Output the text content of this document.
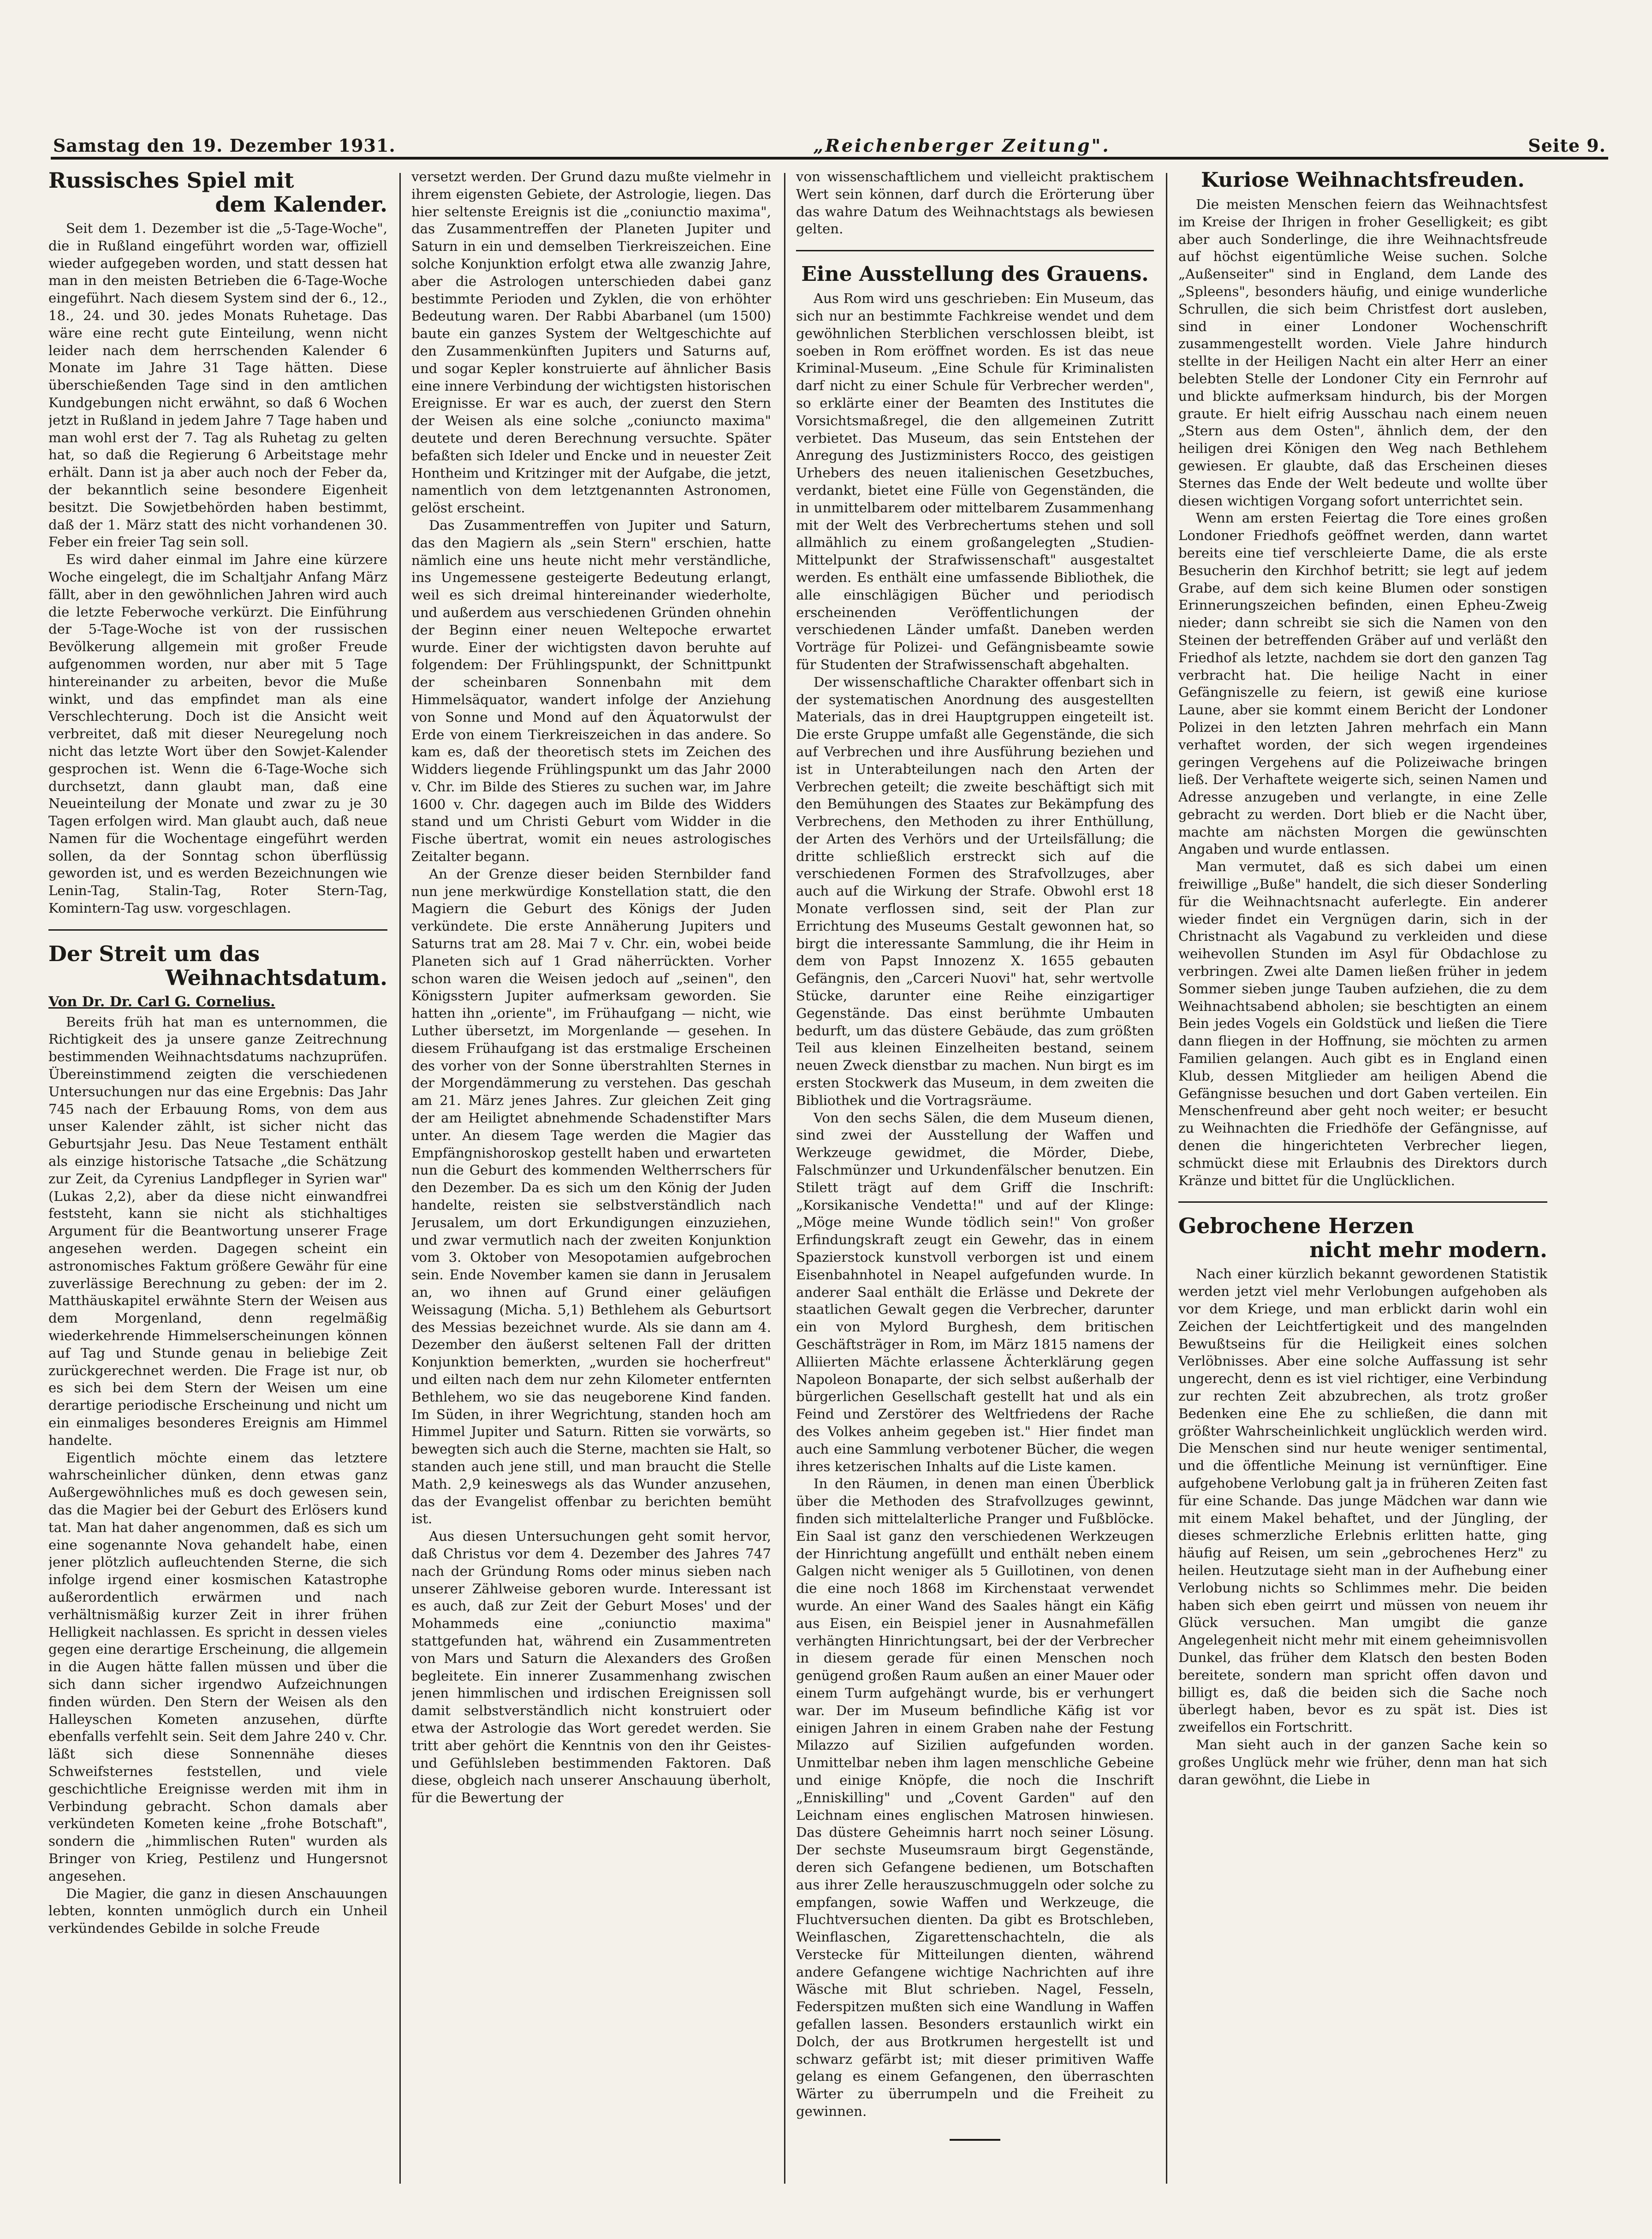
Samstag den 19. Dezember 1931.	„Reichenberger Zeitung".	Seite 9.
Russisches Spiel mit
dem Kalender.

Seit dem 1. Dezember ist die „5-Tage-Woche", die in Rußland eingeführt worden war, offiziell wieder aufgegeben worden, und statt dessen hat man in den meisten Betrieben die 6-Tage-Woche eingeführt. Nach diesem System sind der 6., 12., 18., 24. und 30. jedes Monats Ruhetage. Das wäre eine recht gute Einteilung, wenn nicht leider nach dem herrschenden Kalender 6 Monate im Jahre 31 Tage hätten. Diese überschießenden Tage sind in den amtlichen Kundgebungen nicht erwähnt, so daß 6 Wochen jetzt in Rußland in jedem Jahre 7 Tage haben und man wohl erst der 7. Tag als Ruhetag zu gelten hat, so daß die Regierung 6 Arbeitstage mehr erhält. Dann ist ja aber auch noch der Feber da, der bekanntlich seine besondere Eigenheit besitzt. Die Sowjetbehörden haben bestimmt, daß der 1. März statt des nicht vorhandenen 30. Feber ein freier Tag sein soll.

Es wird daher einmal im Jahre eine kürzere Woche eingelegt, die im Schaltjahr Anfang März fällt, aber in den gewöhnlichen Jahren wird auch die letzte Feberwoche verkürzt. Die Einführung der 5-Tage-Woche ist von der russischen Bevölkerung allgemein mit großer Freude aufgenommen worden, nur aber mit 5 Tage hintereinander zu arbeiten, bevor die Muße winkt, und das empfindet man als eine Verschlechterung. Doch ist die Ansicht weit verbreitet, daß mit dieser Neuregelung noch nicht das letzte Wort über den Sowjet-Kalender gesprochen ist. Wenn die 6-Tage-Woche sich durchsetzt, dann glaubt man, daß eine Neueinteilung der Monate und zwar zu je 30 Tagen erfolgen wird. Man glaubt auch, daß neue Namen für die Wochentage eingeführt werden sollen, da der Sonntag schon überflüssig geworden ist, und es werden Bezeichnungen wie Lenin-Tag, Stalin-Tag, Roter Stern-Tag, Komintern-Tag usw. vorgeschlagen.

Der Streit um das
Weihnachtsdatum.
Von Dr. Dr. Carl G. Cornelius.

Bereits früh hat man es unternommen, die Richtigkeit des ja unsere ganze Zeitrechnung bestimmenden Weihnachtsdatums nachzuprüfen. Übereinstimmend zeigten die verschiedenen Untersuchungen nur das eine Ergebnis: Das Jahr 745 nach der Erbauung Roms, von dem aus unser Kalender zählt, ist sicher nicht das Geburtsjahr Jesu. Das Neue Testament enthält als einzige historische Tatsache „die Schätzung zur Zeit, da Cyrenius Landpfleger in Syrien war" (Lukas 2,2), aber da diese nicht einwandfrei feststeht, kann sie nicht als stichhaltiges Argument für die Beantwortung unserer Frage angesehen werden. Dagegen scheint ein astronomisches Faktum größere Gewähr für eine zuverlässige Berechnung zu geben: der im 2. Matthäuskapitel erwähnte Stern der Weisen aus dem Morgenland, denn regelmäßig wiederkehrende Himmelserscheinungen können auf Tag und Stunde genau in beliebige Zeit zurückgerechnet werden. Die Frage ist nur, ob es sich bei dem Stern der Weisen um eine derartige periodische Erscheinung und nicht um ein einmaliges besonderes Ereignis am Himmel handelte.

Eigentlich möchte einem das letztere wahrscheinlicher dünken, denn etwas ganz Außergewöhnliches muß es doch gewesen sein, das die Magier bei der Geburt des Erlösers kund tat. Man hat daher angenommen, daß es sich um eine sogenannte Nova gehandelt habe, einen jener plötzlich aufleuchtenden Sterne, die sich infolge irgend einer kosmischen Katastrophe außerordentlich erwärmen und nach verhältnismäßig kurzer Zeit in ihrer frühen Helligkeit nachlassen. Es spricht in dessen vieles gegen eine derartige Erscheinung, die allgemein in die Augen hätte fallen müssen und über die sich dann sicher irgendwo Aufzeichnungen finden würden. Den Stern der Weisen als den Halleyschen Kometen anzusehen, dürfte ebenfalls verfehlt sein. Seit dem Jahre 240 v. Chr. läßt sich diese Sonnennähe dieses Schweifsternes feststellen, und viele geschichtliche Ereignisse werden mit ihm in Verbindung gebracht. Schon damals aber verkündeten Kometen keine „frohe Botschaft", sondern die „himmlischen Ruten" wurden als Bringer von Krieg, Pestilenz und Hungersnot angesehen.

Die Magier, die ganz in diesen Anschauungen lebten, konnten unmöglich durch ein Unheil verkündendes Gebilde in solche Freude

versetzt werden. Der Grund dazu mußte vielmehr in ihrem eigensten Gebiete, der Astrologie, liegen. Das hier seltenste Ereignis ist die „coniunctio maxima", das Zusammentreffen der Planeten Jupiter und Saturn in ein und demselben Tierkreiszeichen. Eine solche Konjunktion erfolgt etwa alle zwanzig Jahre, aber die Astrologen unterschieden dabei ganz bestimmte Perioden und Zyklen, die von erhöhter Bedeutung waren. Der Rabbi Abarbanel (um 1500) baute ein ganzes System der Weltgeschichte auf den Zusammenkünften Jupiters und Saturns auf, und sogar Kepler konstruierte auf ähnlicher Basis eine innere Verbindung der wichtigsten historischen Ereignisse. Er war es auch, der zuerst den Stern der Weisen als eine solche „coniuncto maxima" deutete und deren Berechnung versuchte. Später befaßten sich Ideler und Encke und in neuester Zeit Hontheim und Kritzinger mit der Aufgabe, die jetzt, namentlich von dem letztgenannten Astronomen, gelöst erscheint.

Das Zusammentreffen von Jupiter und Saturn, das den Magiern als „sein Stern" erschien, hatte nämlich eine uns heute nicht mehr verständliche, ins Ungemessene gesteigerte Bedeutung erlangt, weil es sich dreimal hintereinander wiederholte, und außerdem aus verschiedenen Gründen ohnehin der Beginn einer neuen Weltepoche erwartet wurde. Einer der wichtigsten davon beruhte auf folgendem: Der Frühlingspunkt, der Schnittpunkt der scheinbaren Sonnenbahn mit dem Himmelsäquator, wandert infolge der Anziehung von Sonne und Mond auf den Äquatorwulst der Erde von einem Tierkreiszeichen in das andere. So kam es, daß der theoretisch stets im Zeichen des Widders liegende Frühlingspunkt um das Jahr 2000 v. Chr. im Bilde des Stieres zu suchen war, im Jahre 1600 v. Chr. dagegen auch im Bilde des Widders stand und um Christi Geburt vom Widder in die Fische übertrat, womit ein neues astrologisches Zeitalter begann.

An der Grenze dieser beiden Sternbilder fand nun jene merkwürdige Konstellation statt, die den Magiern die Geburt des Königs der Juden verkündete. Die erste Annäherung Jupiters und Saturns trat am 28. Mai 7 v. Chr. ein, wobei beide Planeten sich auf 1 Grad näherrückten. Vorher schon waren die Weisen jedoch auf „seinen", den Königsstern Jupiter aufmerksam geworden. Sie hatten ihn „oriente", im Frühaufgang — nicht, wie Luther übersetzt, im Morgenlande — gesehen. In diesem Frühaufgang ist das erstmalige Erscheinen des vorher von der Sonne überstrahlten Sternes in der Morgendämmerung zu verstehen. Das geschah am 21. März jenes Jahres. Zur gleichen Zeit ging der am Heiligtet abnehmende Schadenstifter Mars unter. An diesem Tage werden die Magier das Empfängnishoroskop gestellt haben und erwarteten nun die Geburt des kommenden Weltherrschers für den Dezember. Da es sich um den König der Juden handelte, reisten sie selbstverständlich nach Jerusalem, um dort Erkundigungen einzuziehen, und zwar vermutlich nach der zweiten Konjunktion vom 3. Oktober von Mesopotamien aufgebrochen sein. Ende November kamen sie dann in Jerusalem an, wo ihnen auf Grund einer geläufigen Weissagung (Micha. 5,1) Bethlehem als Geburtsort des Messias bezeichnet wurde. Als sie dann am 4. Dezember den äußerst seltenen Fall der dritten Konjunktion bemerkten, „wurden sie hocherfreut" und eilten nach dem nur zehn Kilometer entfernten Bethlehem, wo sie das neugeborene Kind fanden. Im Süden, in ihrer Wegrichtung, standen hoch am Himmel Jupiter und Saturn. Ritten sie vorwärts, so bewegten sich auch die Sterne, machten sie Halt, so standen auch jene still, und man braucht die Stelle Math. 2,9 keineswegs als das Wunder anzusehen, das der Evangelist offenbar zu berichten bemüht ist.

Aus diesen Untersuchungen geht somit hervor, daß Christus vor dem 4. Dezember des Jahres 747 nach der Gründung Roms oder minus sieben nach unserer Zählweise geboren wurde. Interessant ist es auch, daß zur Zeit der Geburt Moses' und der Mohammeds eine „coniunctio maxima" stattgefunden hat, während ein Zusammentreten von Mars und Saturn die Alexanders des Großen begleitete. Ein innerer Zusammenhang zwischen jenen himmlischen und irdischen Ereignissen soll damit selbstverständlich nicht konstruiert oder etwa der Astrologie das Wort geredet werden. Sie tritt aber gehört die Kenntnis von den ihr Geistes- und Gefühlsleben bestimmenden Faktoren. Daß diese, obgleich nach unserer Anschauung überholt, für die Bewertung der

von wissenschaftlichem und vielleicht praktischem Wert sein können, darf durch die Erörterung über das wahre Datum des Weihnachtstags als bewiesen gelten.

Eine Ausstellung des Grauens.

Aus Rom wird uns geschrieben: Ein Museum, das sich nur an bestimmte Fachkreise wendet und dem gewöhnlichen Sterblichen verschlossen bleibt, ist soeben in Rom eröffnet worden. Es ist das neue Kriminal-Museum. „Eine Schule für Kriminalisten darf nicht zu einer Schule für Verbrecher werden", so erklärte einer der Beamten des Institutes die Vorsichtsmaßregel, die den allgemeinen Zutritt verbietet. Das Museum, das sein Entstehen der Anregung des Justizministers Rocco, des geistigen Urhebers des neuen italienischen Gesetzbuches, verdankt, bietet eine Fülle von Gegenständen, die in unmittelbarem oder mittelbarem Zusammenhang mit der Welt des Verbrechertums stehen und soll allmählich zu einem großangelegten „Studien-Mittelpunkt der Strafwissenschaft" ausgestaltet werden. Es enthält eine umfassende Bibliothek, die alle einschlägigen Bücher und periodisch erscheinenden Veröffentlichungen der verschiedenen Länder umfaßt. Daneben werden Vorträge für Polizei- und Gefängnisbeamte sowie für Studenten der Strafwissenschaft abgehalten.

Der wissenschaftliche Charakter offenbart sich in der systematischen Anordnung des ausgestellten Materials, das in drei Hauptgruppen eingeteilt ist. Die erste Gruppe umfaßt alle Gegenstände, die sich auf Verbrechen und ihre Ausführung beziehen und ist in Unterabteilungen nach den Arten der Verbrechen geteilt; die zweite beschäftigt sich mit den Bemühungen des Staates zur Bekämpfung des Verbrechens, den Methoden zu ihrer Enthüllung, der Arten des Verhörs und der Urteilsfällung; die dritte schließlich erstreckt sich auf die verschiedenen Formen des Strafvollzuges, aber auch auf die Wirkung der Strafe. Obwohl erst 18 Monate verflossen sind, seit der Plan zur Errichtung des Museums Gestalt gewonnen hat, so birgt die interessante Sammlung, die ihr Heim in dem von Papst Innozenz X. 1655 gebauten Gefängnis, den „Carceri Nuovi" hat, sehr wertvolle Stücke, darunter eine Reihe einzigartiger Gegenstände. Das einst berühmte Umbauten bedurft, um das düstere Gebäude, das zum größten Teil aus kleinen Einzelheiten bestand, seinem neuen Zweck dienstbar zu machen. Nun birgt es im ersten Stockwerk das Museum, in dem zweiten die Bibliothek und die Vortragsräume.

Von den sechs Sälen, die dem Museum dienen, sind zwei der Ausstellung der Waffen und Werkzeuge gewidmet, die Mörder, Diebe, Falschmünzer und Urkundenfälscher benutzen. Ein Stilett trägt auf dem Griff die Inschrift: „Korsikanische Vendetta!" und auf der Klinge: „Möge meine Wunde tödlich sein!" Von großer Erfindungskraft zeugt ein Gewehr, das in einem Spazierstock kunstvoll verborgen ist und einem Eisenbahnhotel in Neapel aufgefunden wurde. In anderer Saal enthält die Erlässe und Dekrete der staatlichen Gewalt gegen die Verbrecher, darunter ein von Mylord Burghesh, dem britischen Geschäftsträger in Rom, im März 1815 namens der Alliierten Mächte erlassene Ächterklärung gegen Napoleon Bonaparte, der sich selbst außerhalb der bürgerlichen Gesellschaft gestellt hat und als ein Feind und Zerstörer des Weltfriedens der Rache des Volkes anheim gegeben ist." Hier findet man auch eine Sammlung verbotener Bücher, die wegen ihres ketzerischen Inhalts auf die Liste kamen.

In den Räumen, in denen man einen Überblick über die Methoden des Strafvollzuges gewinnt, finden sich mittelalterliche Pranger und Fußblöcke. Ein Saal ist ganz den verschiedenen Werkzeugen der Hinrichtung angefüllt und enthält neben einem Galgen nicht weniger als 5 Guillotinen, von denen die eine noch 1868 im Kirchenstaat verwendet wurde. An einer Wand des Saales hängt ein Käfig aus Eisen, ein Beispiel jener in Ausnahmefällen verhängten Hinrichtungsart, bei der der Verbrecher in diesem gerade für einen Menschen noch genügend großen Raum außen an einer Mauer oder einem Turm aufgehängt wurde, bis er verhungert war. Der im Museum befindliche Käfig ist vor einigen Jahren in einem Graben nahe der Festung Milazzo auf Sizilien aufgefunden worden. Unmittelbar neben ihm lagen menschliche Gebeine und einige Knöpfe, die noch die Inschrift „Enniskilling" und „Covent Garden" auf den Leichnam eines englischen Matrosen hinwiesen. Das düstere Geheimnis harrt noch seiner Lösung. Der sechste Museumsraum birgt Gegenstände, deren sich Gefangene bedienen, um Botschaften aus ihrer Zelle herauszuschmuggeln oder solche zu empfangen, sowie Waffen und Werkzeuge, die Fluchtversuchen dienten. Da gibt es Brotschleben, Weinflaschen, Zigarettenschachteln, die als Verstecke für Mitteilungen dienten, während andere Gefangene wichtige Nachrichten auf ihre Wäsche mit Blut schrieben. Nagel, Fesseln, Federspitzen mußten sich eine Wandlung in Waffen gefallen lassen. Besonders erstaunlich wirkt ein Dolch, der aus Brotkrumen hergestellt ist und schwarz gefärbt ist; mit dieser primitiven Waffe gelang es einem Gefangenen, den überraschten Wärter zu überrumpeln und die Freiheit zu gewinnen.

Kuriose Weihnachtsfreuden.

Die meisten Menschen feiern das Weihnachtsfest im Kreise der Ihrigen in froher Geselligkeit; es gibt aber auch Sonderlinge, die ihre Weihnachtsfreude auf höchst eigentümliche Weise suchen. Solche „Außenseiter" sind in England, dem Lande des „Spleens", besonders häufig, und einige wunderliche Schrullen, die sich beim Christfest dort ausleben, sind in einer Londoner Wochenschrift zusammengestellt worden. Viele Jahre hindurch stellte in der Heiligen Nacht ein alter Herr an einer belebten Stelle der Londoner City ein Fernrohr auf und blickte aufmerksam hindurch, bis der Morgen graute. Er hielt eifrig Ausschau nach einem neuen „Stern aus dem Osten", ähnlich dem, der den heiligen drei Königen den Weg nach Bethlehem gewiesen. Er glaubte, daß das Erscheinen dieses Sternes das Ende der Welt bedeute und wollte über diesen wichtigen Vorgang sofort unterrichtet sein.

Wenn am ersten Feiertag die Tore eines großen Londoner Friedhofs geöffnet werden, dann wartet bereits eine tief verschleierte Dame, die als erste Besucherin den Kirchhof betritt; sie legt auf jedem Grabe, auf dem sich keine Blumen oder sonstigen Erinnerungszeichen befinden, einen Epheu-Zweig nieder; dann schreibt sie sich die Namen von den Steinen der betreffenden Gräber auf und verläßt den Friedhof als letzte, nachdem sie dort den ganzen Tag verbracht hat. Die heilige Nacht in einer Gefängniszelle zu feiern, ist gewiß eine kuriose Laune, aber sie kommt einem Bericht der Londoner Polizei in den letzten Jahren mehrfach ein Mann verhaftet worden, der sich wegen irgendeines geringen Vergehens auf die Polizeiwache bringen ließ. Der Verhaftete weigerte sich, seinen Namen und Adresse anzugeben und verlangte, in eine Zelle gebracht zu werden. Dort blieb er die Nacht über, machte am nächsten Morgen die gewünschten Angaben und wurde entlassen.

Man vermutet, daß es sich dabei um einen freiwillige „Buße" handelt, die sich dieser Sonderling für die Weihnachtsnacht auferlegte. Ein anderer wieder findet ein Vergnügen darin, sich in der Christnacht als Vagabund zu verkleiden und diese weihevollen Stunden im Asyl für Obdachlose zu verbringen. Zwei alte Damen ließen früher in jedem Sommer sieben junge Tauben aufziehen, die zu dem Weihnachtsabend abholen; sie beschtigten an einem Bein jedes Vogels ein Goldstück und ließen die Tiere dann fliegen in der Hoffnung, sie möchten zu armen Familien gelangen. Auch gibt es in England einen Klub, dessen Mitglieder am heiligen Abend die Gefängnisse besuchen und dort Gaben verteilen. Ein Menschenfreund aber geht noch weiter; er besucht zu Weihnachten die Friedhöfe der Gefängnisse, auf denen die hingerichteten Verbrecher liegen, schmückt diese mit Erlaubnis des Direktors durch Kränze und bittet für die Unglücklichen.

Gebrochene Herzen
nicht mehr modern.

Nach einer kürzlich bekannt gewordenen Statistik werden jetzt viel mehr Verlobungen aufgehoben als vor dem Kriege, und man erblickt darin wohl ein Zeichen der Leichtfertigkeit und des mangelnden Bewußtseins für die Heiligkeit eines solchen Verlöbnisses. Aber eine solche Auffassung ist sehr ungerecht, denn es ist viel richtiger, eine Verbindung zur rechten Zeit abzubrechen, als trotz großer Bedenken eine Ehe zu schließen, die dann mit größter Wahrscheinlichkeit unglücklich werden wird. Die Menschen sind nur heute weniger sentimental, und die öffentliche Meinung ist vernünftiger. Eine aufgehobene Verlobung galt ja in früheren Zeiten fast für eine Schande. Das junge Mädchen war dann wie mit einem Makel behaftet, und der Jüngling, der dieses schmerzliche Erlebnis erlitten hatte, ging häufig auf Reisen, um sein „gebrochenes Herz" zu heilen. Heutzutage sieht man in der Aufhebung einer Verlobung nichts so Schlimmes mehr. Die beiden haben sich eben geirrt und müssen von neuem ihr Glück versuchen. Man umgibt die ganze Angelegenheit nicht mehr mit einem geheimnisvollen Dunkel, das früher dem Klatsch den besten Boden bereitete, sondern man spricht offen davon und billigt es, daß die beiden sich die Sache noch überlegt haben, bevor es zu spät ist. Dies ist zweifellos ein Fortschritt.

Man sieht auch in der ganzen Sache kein so großes Unglück mehr wie früher, denn man hat sich daran gewöhnt, die Liebe in
